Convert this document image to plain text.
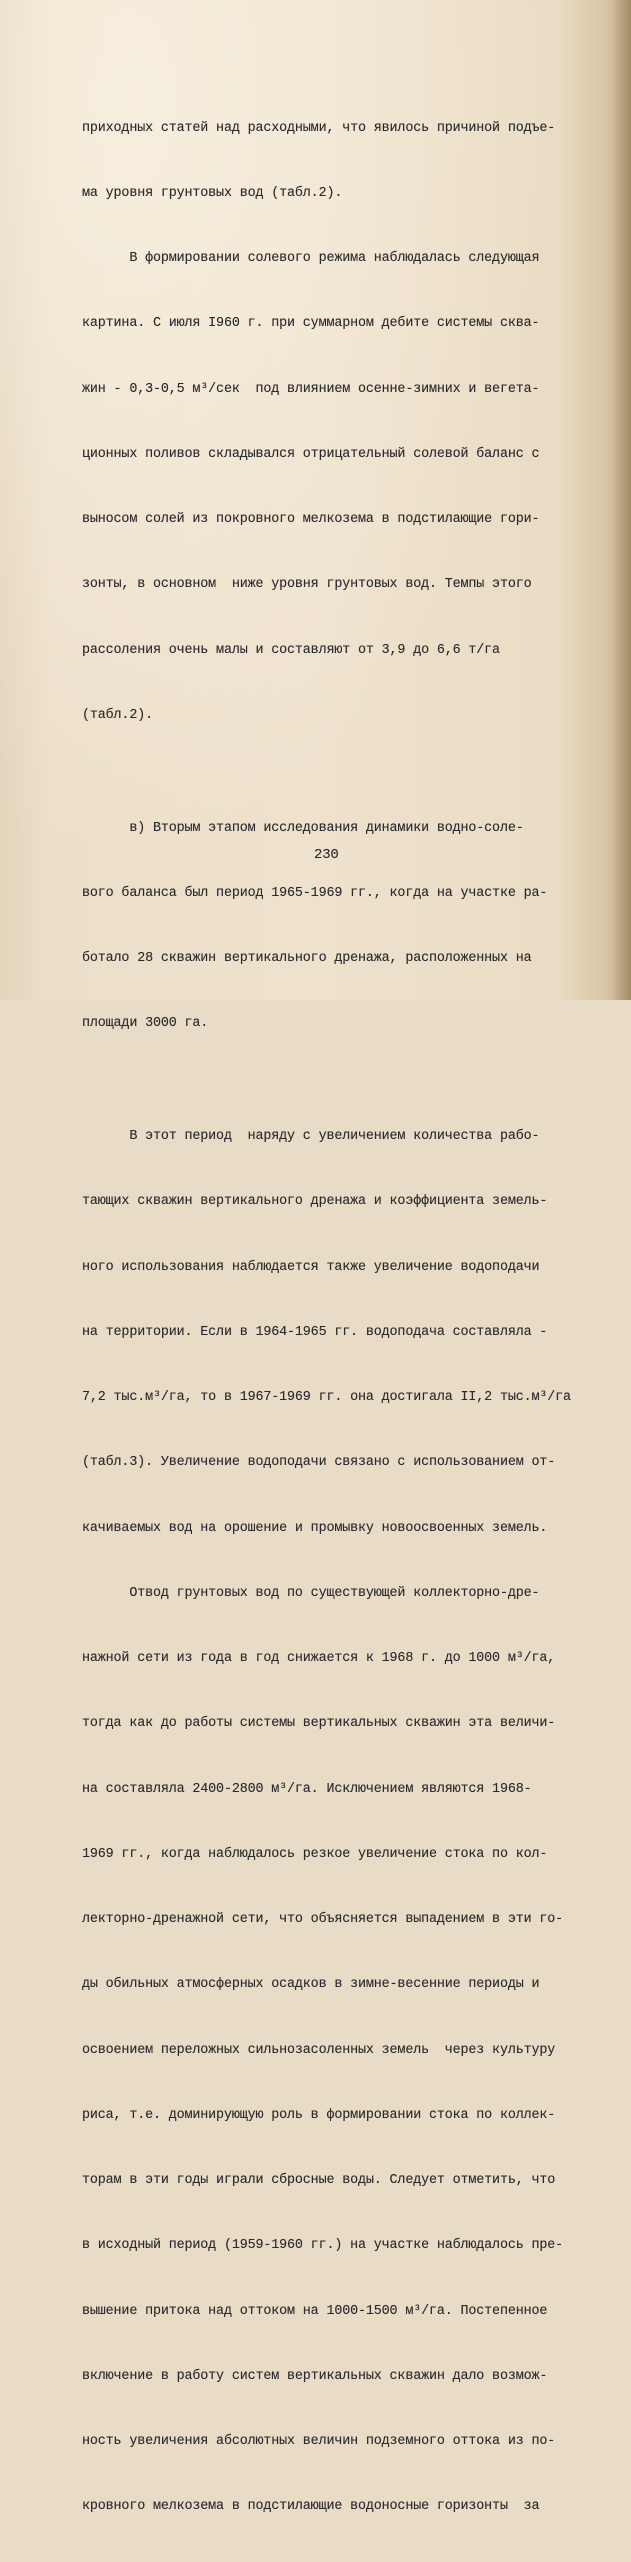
приходных статей над расходными, что явилось причиной подъе-

ма уровня грунтовых вод (табл.2).

В формировании солевого режима наблюдалась следующая

картина. С июля I960 г. при суммарном дебите системы сква-

жин - 0,3-0,5 м³/сек  под влиянием осенне-зимних и вегета-

ционных поливов складывался отрицательный солевой баланс с

выносом солей из покровного мелкозема в подстилающие гори-

зонты, в основном  ниже уровня грунтовых вод. Темпы этого

рассоления очень малы и составляют от 3,9 до 6,6 т/га

(табл.2).

в) Вторым этапом исследования динамики водно-соле-

вого баланса был период 1965-1969 гг., когда на участке ра-

ботало 28 скважин вертикального дренажа, расположенных на

площади 3000 га.

В этот период  наряду с увеличением количества рабо-

тающих скважин вертикального дренажа и коэффициента земель-

ного использования наблюдается также увеличение водоподачи

на территории. Если в 1964-1965 гг. водоподача составляла -

7,2 тыс.м³/га, то в 1967-1969 гг. она достигала II,2 тыс.м³/га

(табл.3). Увеличение водоподачи связано с использованием от-

качиваемых вод на орошение и промывку новоосвоенных земель.

Отвод грунтовых вод по существующей коллекторно-дре-

нажной сети из года в год снижается к 1968 г. до 1000 м³/га,

тогда как до работы системы вертикальных скважин эта величи-

на составляла 2400-2800 м³/га. Исключением являются 1968-

1969 гг., когда наблюдалось резкое увеличение стока по кол-

лекторно-дренажной сети, что объясняется выпадением в эти го-

ды обильных атмосферных осадков в зимне-весенние периоды и

освоением переложных сильнозасоленных земель  через культуру

риса, т.е. доминирующую роль в формировании стока по коллек-

торам в эти годы играли сбросные воды. Следует отметить, что

в исходный период (1959-1960 гг.) на участке наблюдалось пре-

вышение притока над оттоком на 1000-1500 м³/га. Постепенное

включение в работу систем вертикальных скважин дало возмож-

ность увеличения абсолютных величин подземного оттока из по-

кровного мелкозема в подстилающие водоносные горизонты  за

230
